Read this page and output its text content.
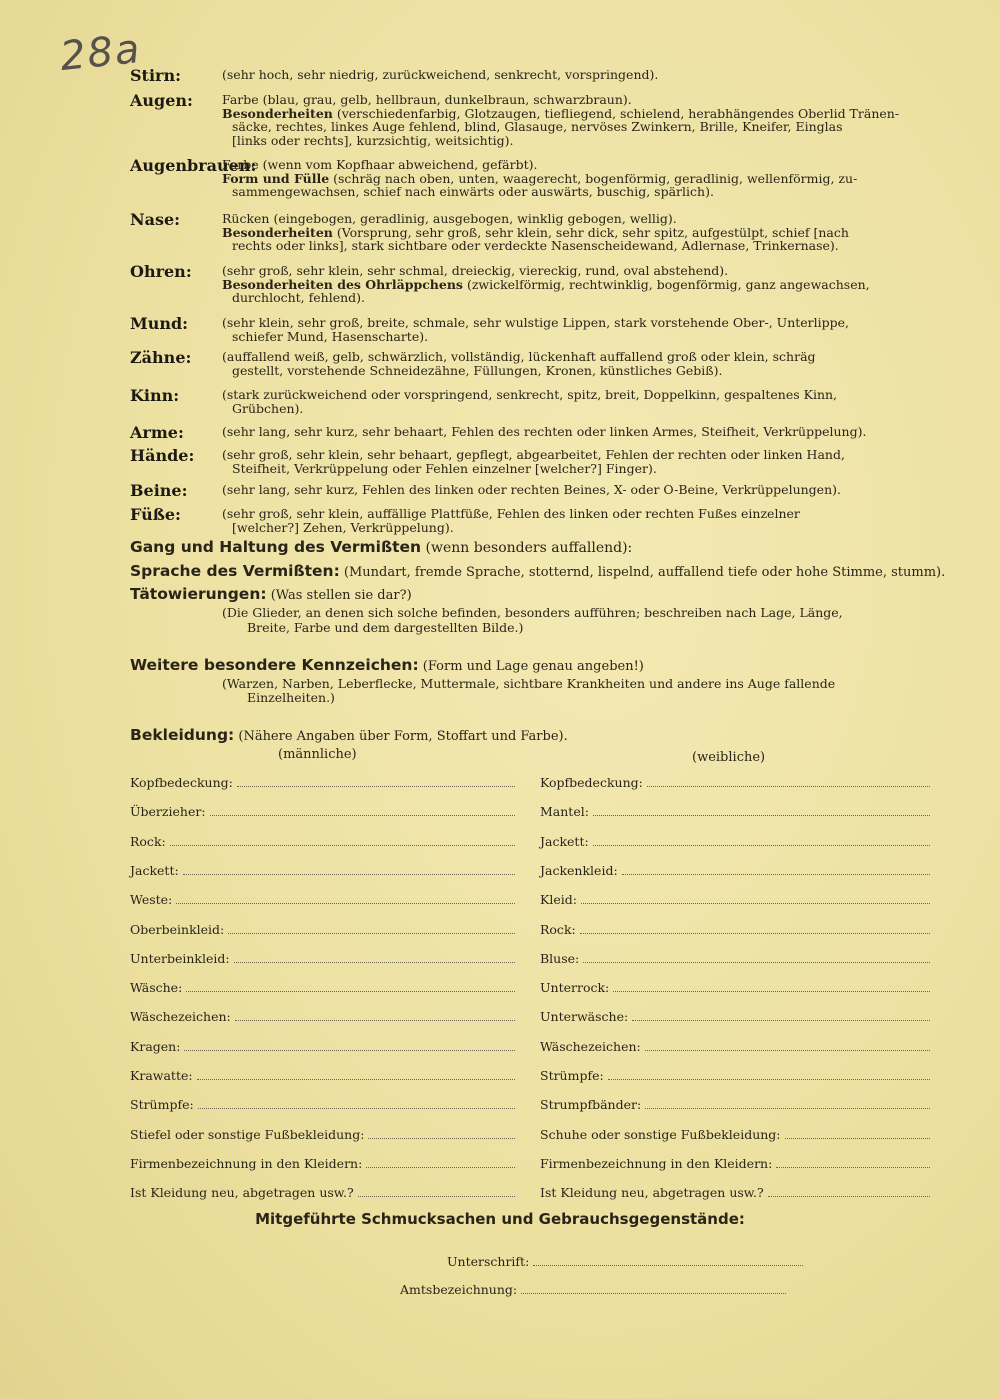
28a
Stirn:	(sehr hoch, sehr niedrig, zurückweichend, senkrecht, vorspringend).
Augen: Farbe (blau, grau, gelb, hellbraun, dunkelbraun, schwarzbraun).
Besonderheiten (verschiedenfarbig, Glotzaugen, tiefliegend, schielend, herabhängendes Oberlid Tränen-
säcke, rechtes, linkes Auge fehlend, blind, Glasauge, nervöses Zwinkern, Brille, Kneifer, Einglas
[links oder rechts], kurzsichtig, weitsichtig).
Augenbrauen:
Farbe (wenn vom Kopfhaar abweichend, gefärbt).
Form und Fülle (schräg nach oben, unten, waagerecht, bogenförmig, geradlinig, wellenförmig, zu-
sammengewachsen, schief nach einwärts oder auswärts, buschig, spärlich).
Nase:	Rücken (eingebogen, geradlinig, ausgebogen, winklig gebogen, wellig).
Besonderheiten (Vorsprung, sehr groß, sehr klein, sehr dick, sehr spitz, aufgestülpt, schief [nach
rechts oder links], stark sichtbare oder verdeckte Nasenscheidewand, Adlernase, Trinkernase).
Ohren: (sehr groß, sehr klein, sehr schmal, dreieckig, viereckig, rund, oval abstehend).
Besonderheiten des Ohrläppchens (zwickelförmig, rechtwinklig, bogenförmig, ganz angewachsen,
durchlocht, fehlend).
Mund:	(sehr klein, sehr groß, breite, schmale, sehr wulstige Lippen, stark vorstehende Ober-, Unterlippe,
schiefer Mund, Hasenscharte).
Zähne: (auffallend weiß, gelb, schwärzlich, vollständig, lückenhaft auffallend groß oder klein, schräg
gestellt, vorstehende Schneidezähne, Füllungen, Kronen, künstliches Gebiß).
Kinn:	(stark zurückweichend oder vorspringend, senkrecht, spitz, breit, Doppelkinn, gespaltenes Kinn,
Grübchen).
Arme:	(sehr lang, sehr kurz, sehr behaart, Fehlen des rechten oder linken Armes, Steifheit, Verkrüppelung).
Hände: (sehr groß, sehr klein, sehr behaart, gepflegt, abgearbeitet, Fehlen der rechten oder linken Hand,
Steifheit, Verkrüppelung oder Fehlen einzelner [welcher?] Finger).
Beine:	(sehr lang, sehr kurz, Fehlen des linken oder rechten Beines, X- oder O-Beine, Verkrüppelungen).
Füße:	(sehr groß, sehr klein, auffällige Plattfüße, Fehlen des linken oder rechten Fußes einzelner
[welcher?] Zehen, Verkrüppelung).
Gang und Haltung des Vermißten (wenn besonders auffallend):
Sprache des Vermißten: (Mundart, fremde Sprache, stotternd, lispelnd, auffallend tiefe oder hohe Stimme, stumm).
Tätowierungen: (Was stellen sie dar?)
(Die Glieder, an denen sich solche befinden, besonders aufführen; beschreiben nach Lage, Länge,
Breite, Farbe und dem dargestellten Bilde.)
Weitere besondere Kennzeichen: (Form und Lage genau angeben!)
(Warzen, Narben, Leberflecke, Muttermale, sichtbare Krankheiten und andere ins Auge fallende
Einzelheiten.)
Bekleidung: (Nähere Angaben über Form, Stoffart und Farbe).
(männliche)	(weibliche)
Kopfbedeckung:
Überzieher:
Rock:
Jackett:
Weste:
Oberbeinkleid:
Unterbeinkleid:
Wäsche:
Wäschezeichen:
Kragen:
Krawatte:
Strümpfe:
Stiefel oder sonstige Fußbekleidung:
Firmenbezeichnung in den Kleidern:
Ist Kleidung neu, abgetragen usw.?
Kopfbedeckung:
Mantel:
Jackett:
Jackenkleid:
Kleid:
Rock:
Bluse:
Unterrock:
Unterwäsche:
Wäschezeichen:
Strümpfe:
Strumpfbänder:
Schuhe oder sonstige Fußbekleidung:
Firmenbezeichnung in den Kleidern:
Ist Kleidung neu, abgetragen usw.?
Mitgeführte Schmucksachen und Gebrauchsgegenstände:
Unterschrift:
Amtsbezeichnung:
